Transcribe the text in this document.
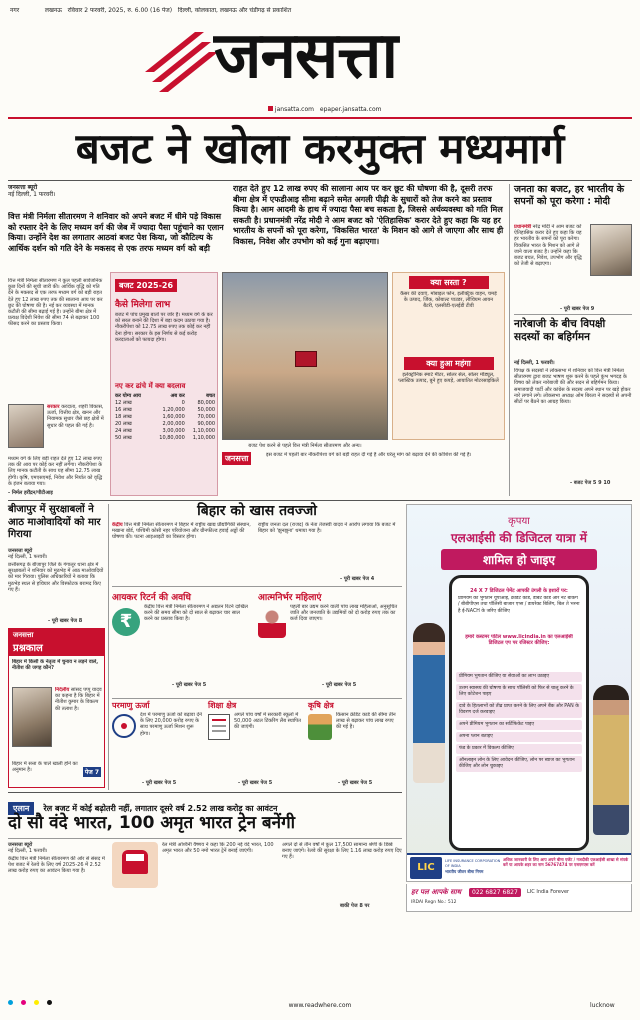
नगर	लखनऊ रविवार 2 फरवरी, 2025, रु. 6.00 (16 पेज) दिल्ली, कोलकाता, लखनऊ और चंडीगढ़ से प्रकाशित
जनसत्ता
jansatta.com epaper.jansatta.com
बजट ने खोला करमुक्त मध्यमार्ग
जनसत्ता ब्यूरो
नई दिल्ली, 1 फरवरी।
वित्त मंत्री निर्मला सीतारमण ने शनिवार को अपने बजट में धीमे पड़े विकास को रफ्तार देने के लिए मध्यम वर्ग की जेब में ज्यादा पैसा पहुंचाने का एलान किया। उन्होंने देश का लगातार आठवां बजट पेश किया, जो कौटिल्य के आर्थिक दर्शन को गति देने के मकसद से एक तरफ मध्यम वर्ग को बड़ी
राहत देते हुए 12 लाख रुपए की सालाना आय पर कर छूट की घोषणा की है, दूसरी तरफ बीमा क्षेत्र में एफडीआइ सीमा बढ़ाने समेत अगली पीढ़ी के सुधारों को तेज करने का प्रस्ताव किया है। आम आदमी के हाथ में ज्यादा पैसा बच सकता है, जिससे अर्थव्यवस्था को गति मिल सकती है। प्रधानमंत्री नरेंद्र मोदी ने आम बजट को 'ऐतिहासिक' करार देते हुए कहा कि यह हर भारतीय के सपनों को पूरा करेगा, 'विकसित भारत' के मिशन को आगे ले जाएगा और साथ ही विकास, निवेश और उपभोग को कई गुना बढ़ाएगा।
वित्त मंत्री निर्मला सीतारमण ने कुल पहली सार्वजनिक कुछ दिनों की सूची जारी की। आर्थिक वृद्धि को गति देने के मकसद से एक तरफ मध्यम वर्ग को बड़ी राहत देते हुए 12 लाख रुपए तक की सालाना आय पर कर छूट की घोषणा की है। नई कर व्यवस्था में मानक कटौती की सीमा बढ़ाई गई है। उन्होंने बीमा क्षेत्र में प्रत्यक्ष विदेशी निवेश की सीमा 74 से बढ़ाकर 100 फीसद करने का प्रस्ताव किया।
सरकार करदाता, शहरी विकास, ऊर्जा, वित्तीय क्षेत्र, खनन और नियामक सुधार जैसे छह क्षेत्रों में सुधार की पहल की गई है।
मध्यम वर्ग के लिए बड़ी राहत देते हुए 12 लाख रुपए तक की आय पर कोई कर नहीं लगेगा। नौकरीपेशा के लिए मानक कटौती के साथ यह सीमा 12.75 लाख होगी। कृषि, एमएसएमई, निवेश और निर्यात को वृद्धि के इंजन बताया गया।
- निर्मल हरींद्रन/पीटीआइ
बजट 2025-26
कैसे मिलेगा लाभ
बजट में पांच प्रमुख बातों पर जोर है। मध्यम वर्ग के कर को सरल बनाने की दिशा में बड़ा कदम उठाया गया है। नौकरीपेशा को 12.75 लाख रुपए तक कोई कर नहीं देना होगा। सरकार के इस निर्णय से कई करोड़ करदाताओं को फायदा होगा।
नए कर ढांचे में क्या बदलाव
कर योग्य आय	अब कर	बचत
12 लाख	0	80,000
16 लाख	1,20,000	50,000
18 लाख	1,60,000	70,000
20 लाख	2,00,000	90,000
24 लाख	3,00,000	1,10,000
50 लाख	10,80,000	1,10,000
बजट पेश करने से पहले वित्त मंत्री निर्मला सीतारमण और अन्य।
क्या सस्ता ?
कैंसर की दवाएं, मोबाइल फोन, इलेक्ट्रिक वाहन, चमड़े के उत्पाद, जिंक, कोबाल्ट पाउडर, लीथियम आयन बैटरी, एलसीडी-एलईडी टीवी
क्या हुआ महंगा
इलेक्ट्रॉनिक स्मार्ट मीटर, सोलर सेल, सोलर मॉड्यूल, प्लास्टिक उत्पाद, बुने हुए कपड़े, आयातित मोटरसाइकिलें
जनसत्ता	इस बजट में पहली बार नौकरीपेशा वर्ग को बड़ी राहत दी गई है और घरेलू मांग को बढ़ावा देने की कोशिश की गई है।
जनता का बजट, हर भारतीय के सपनों को पूरा करेगा : मोदी
प्रधानमंत्री नरेंद्र मोदी ने आम बजट को ऐतिहासिक करार देते हुए कहा कि यह हर भारतीय के सपनों को पूरा करेगा। विकसित भारत के मिशन को आगे ले जाने वाला बजट है। उन्होंने कहा कि बजट बचत, निवेश, उपभोग और वृद्धि को तेजी से बढ़ाएगा।
- पूरी खबर पेज 9
नारेबाजी के बीच विपक्षी सदस्यों का बहिर्गमन
नई दिल्ली, 1 फरवरी।
विपक्ष के सदस्यों ने लोकसभा में शनिवार को वित्त मंत्री निर्मला सीतारमण द्वारा बजट भाषण शुरू करने के पहले कुंभ भगदड़ के विषय को लेकर नारेबाजी की और सदन से बहिर्गमन किया। समाजवादी पार्टी और कांग्रेस के सदस्य अपने स्थान पर खड़े होकर नारे लगाने लगे। लोकसभा अध्यक्ष ओम बिरला ने सदस्यों से अपनी सीटों पर बैठने का आग्रह किया।
- बजट पेज 5 9 10
बीजापुर में सुरक्षाबलों ने आठ माओवादियों को मार गिराया
जनसत्ता ब्यूरो
नई दिल्ली, 1 फरवरी।
छत्तीसगढ़ के बीजापुर जिले के गंगालूर थाना क्षेत्र में सुरक्षाबलों ने शनिवार को मुठभेड़ में आठ माओवादियों को मार गिराया। पुलिस अधिकारियों ने बताया कि मुठभेड़ स्थल से हथियार और विस्फोटक बरामद किए गए हैं।
- पूरी खबर पेज 8
जनसत्ता
प्रश्नकाल
बिहार में किसी के नेतृत्व में चुनाव न लड़ने वाले, नीतीश की जगह कौन?
निर्दलीय सांसद पप्पू यादव का कहना है कि बिहार में नीतीश कुमार के विकल्प की तलाश है।
बिहार में सत्ता के पाले खाली होने का अनुमान है।	पेज 7
बिहार को खास तवज्जो
केंद्रीय वित्त मंत्री निर्मला सीतारमण ने बिहार में राष्ट्रीय खाद्य प्रौद्योगिकी संस्थान, मखाना बोर्ड, पश्चिमी कोसी नहर परियोजना और ग्रीनफील्ड हवाई अड्डों की घोषणा की। पटना आइआइटी का विस्तार होगा।
राष्ट्रीय जनता दल (राजद) के नेता तेजस्वी यादव ने आरोप लगाया कि बजट में बिहार को 'झुनझुना' थमाया गया है।
- पूरी खबर पेज 4
आयकर रिटर्न की अवधि
₹
केंद्रीय वित्त मंत्री निर्मला सीतारमण ने अद्यतन रिटर्न दाखिल करने की समय सीमा को दो साल से बढ़ाकर चार साल करने का प्रस्ताव किया है।
- पूरी खबर पेज 5
आत्मनिर्भर महिलाएं
पहली बार उद्यम करने वाली पांच लाख महिलाओं, अनुसूचित जाति और जनजाति के उद्यमियों को दो करोड़ रुपए तक का कर्ज दिया जाएगा।
- पूरी खबर पेज 5
परमाणु ऊर्जा
देश में परमाणु ऊर्जा को बढ़ावा देने के लिए 20,000 करोड़ रुपए के साथ परमाणु ऊर्जा मिशन शुरू होगा।
- पूरी खबर पेज 5
शिक्षा क्षेत्र
अगले पांच वर्षों में सरकारी स्कूलों में 50,000 अटल टिंकरिंग लैब स्थापित की जाएंगी।
- पूरी खबर पेज 5
कृषि क्षेत्र
किसान क्रेडिट कार्ड की सीमा तीन लाख से बढ़ाकर पांच लाख रुपए की गई है।
- पूरी खबर पेज 5
कृपया
एलआईसी की डिजिटल यात्रा में
शामिल हो जाइए
24 X 7 डिजिटल पेमेंट आपकी उंगली के इशारों पर:
प्रीमियम का भुगतान यूपीआई, क्रेडिट कार्ड, डेबिट कार्ड और नेट बैंकिंग / बीबीपीएस तथा पॉलिसी बाजार एप्स / डायरेक्ट बिलिंग, बिल ते भरना है ई-NACH के जरिए कीजिए
हमारे कस्टमर पोर्टल www.licindia.in का एलआईसी डिजिटल एप पर रजिस्टर कीजिए:
प्रीमियम भुगतान कीजिए या सेवाओं का लाभ उठाइए
उत्तम स्वास्थ्य की घोषणा के साथ पॉलिसी को फिर से चालू करने के लिए कोटेशन पाइए
दावे के हितलाभों को तीव्र प्राप्त करने के लिए अपने बैंक और PAN के विवरण दर्ज करवाइए
अपने प्रीमियम भुगतान का सर्टिफिकेट पाइए
अपना प्लान बताइए
फंड के प्रकार में विकल्प कीजिए
ऑनलाइन लोन के लिए आवेदन कीजिए, लोन पर ब्याज का भुगतान कीजिए और लोन चुकाइए
LIC
LIFE INSURANCE CORPORATION OF INDIA
भारतीय जीवन बीमा निगम
अधिक जानकारी के लिए आप अपने बीमा एजेंट / नजदीकी एलआईसी शाखा से संपर्क करें या आपके शहर का नाम 56767474 पर एसएमएस करें
हर पल आपके साथ	022 6827 6827	LIC India Forever
IRDAI Regn No.: 512
एलान रेल बजट में कोई बढ़ोतरी नहीं, लगातार दूसरे वर्ष 2.52 लाख करोड़ का आवंटन
दो सौ वंदे भारत, 100 अमृत भारत ट्रेन बनेंगी
जनसत्ता ब्यूरो
नई दिल्ली, 1 फरवरी।
केंद्रीय वित्त मंत्री निर्मला सीतारमण की ओर से संसद में पेश बजट में रेलवे के लिए वर्ष 2025-26 में 2.52 लाख करोड़ रुपए का आवंटन किया गया है।
रेल मंत्री अश्विनी वैष्णव ने कहा कि 200 नई वंदे भारत, 100 अमृत भारत और 50 नमो भारत ट्रेनें बनाई जाएंगी।
अगले दो से तीन वर्षों में कुल 17,500 सामान्य श्रेणी के डिब्बे बनाए जाएंगे। रेलवे की सुरक्षा के लिए 1.16 लाख करोड़ रुपए दिए गए हैं।
बाकी पेज 8 पर

www.readwhere.com	lucknow
